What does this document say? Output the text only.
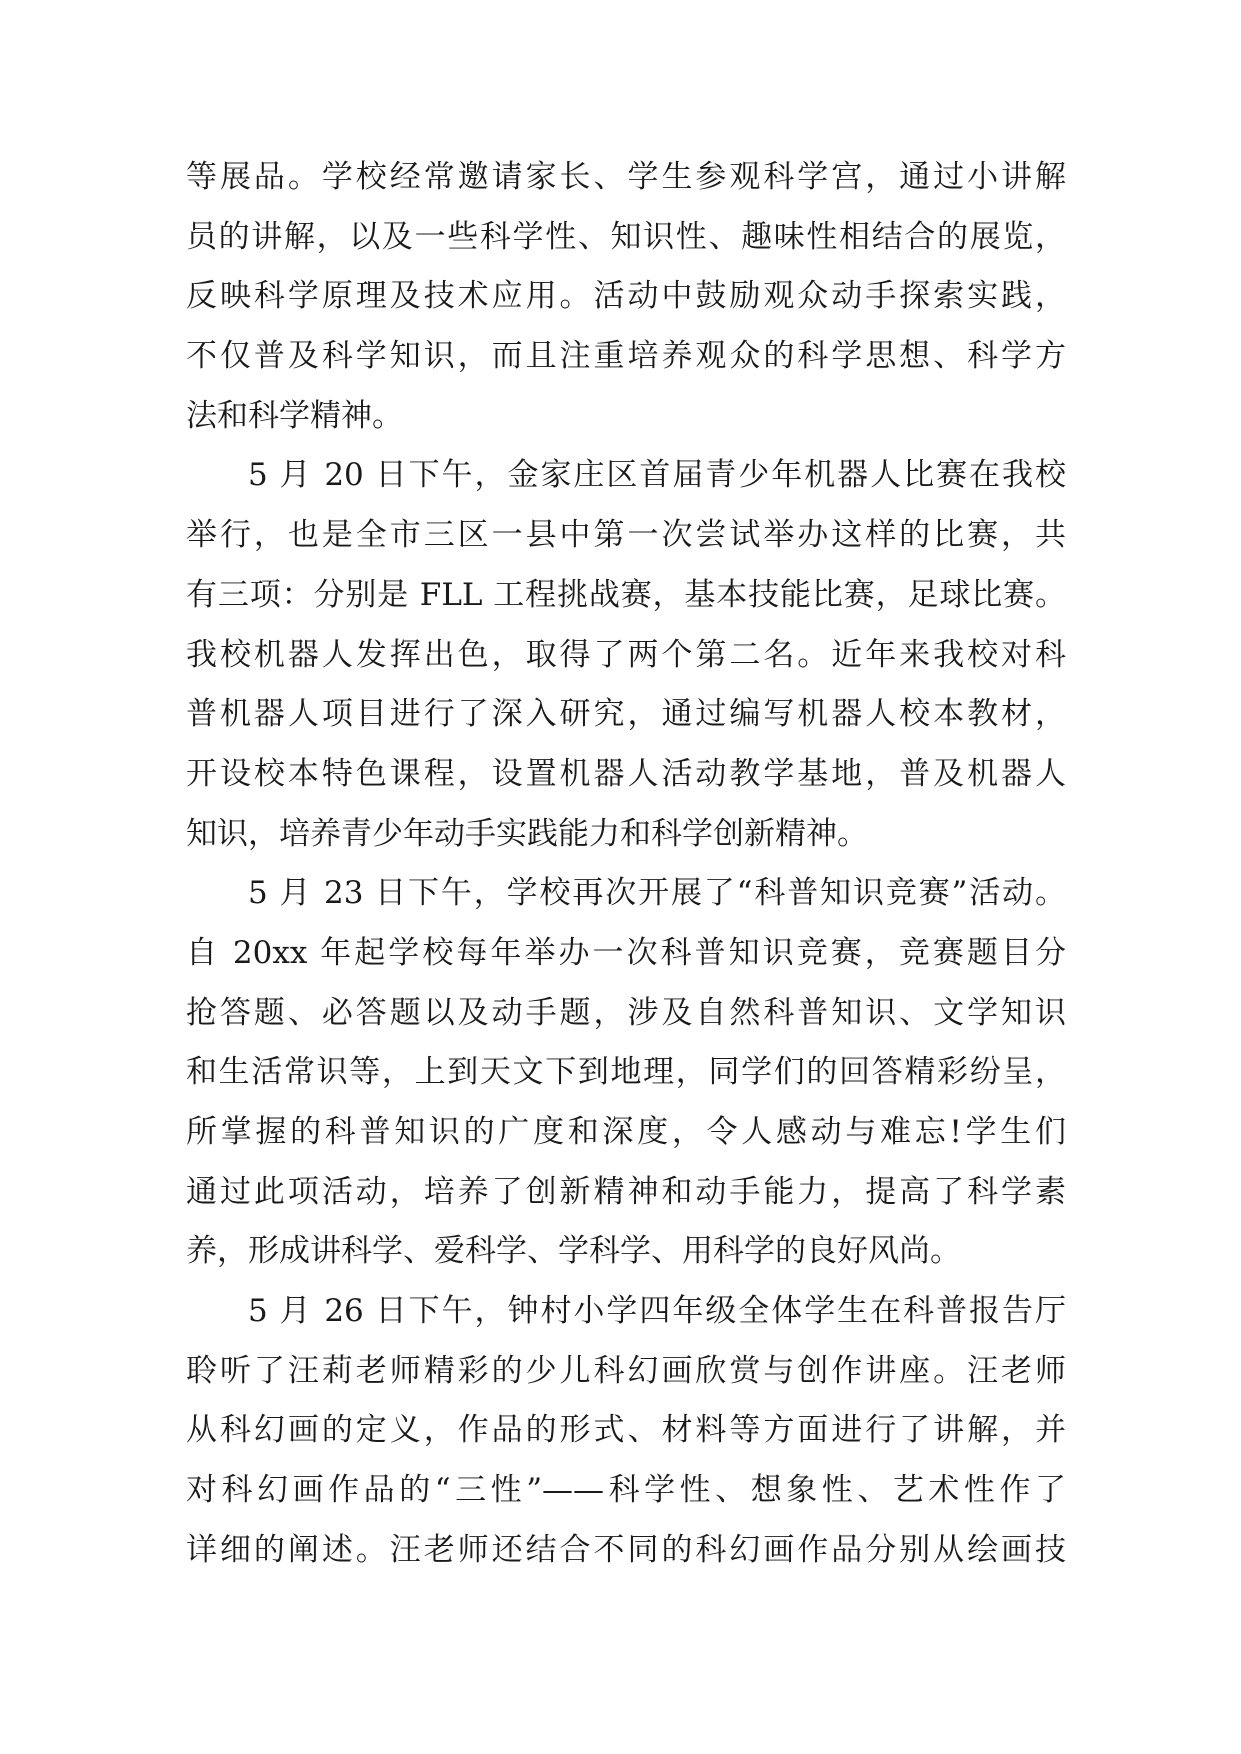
等展品。学校经常邀请家长、学生参观科学宫，通过小讲解
员的讲解，以及一些科学性、知识性、趣味性相结合的展览，
反映科学原理及技术应用。活动中鼓励观众动手探索实践，
不仅普及科学知识，而且注重培养观众的科学思想、科学方
法和科学精神。
5 月 20 日下午，金家庄区首届青少年机器人比赛在我校
举行，也是全市三区一县中第一次尝试举办这样的比赛，共
有三项：分别是 FLL 工程挑战赛，基本技能比赛，足球比赛。
我校机器人发挥出色，取得了两个第二名。近年来我校对科
普机器人项目进行了深入研究，通过编写机器人校本教材，
开设校本特色课程，设置机器人活动教学基地，普及机器人
知识，培养青少年动手实践能力和科学创新精神。
5 月 23 日下午，学校再次开展了“科普知识竞赛”活动。
自 20xx 年起学校每年举办一次科普知识竞赛，竞赛题目分
抢答题、必答题以及动手题，涉及自然科普知识、文学知识
和生活常识等，上到天文下到地理，同学们的回答精彩纷呈，
所掌握的科普知识的广度和深度，令人感动与难忘!学生们
通过此项活动，培养了创新精神和动手能力，提高了科学素
养，形成讲科学、爱科学、学科学、用科学的良好风尚。
5 月 26 日下午，钟村小学四年级全体学生在科普报告厅
聆听了汪莉老师精彩的少儿科幻画欣赏与创作讲座。汪老师
从科幻画的定义，作品的形式、材料等方面进行了讲解，并
对科幻画作品的“三性”——科学性、想象性、艺术性作了
详细的阐述。汪老师还结合不同的科幻画作品分别从绘画技
